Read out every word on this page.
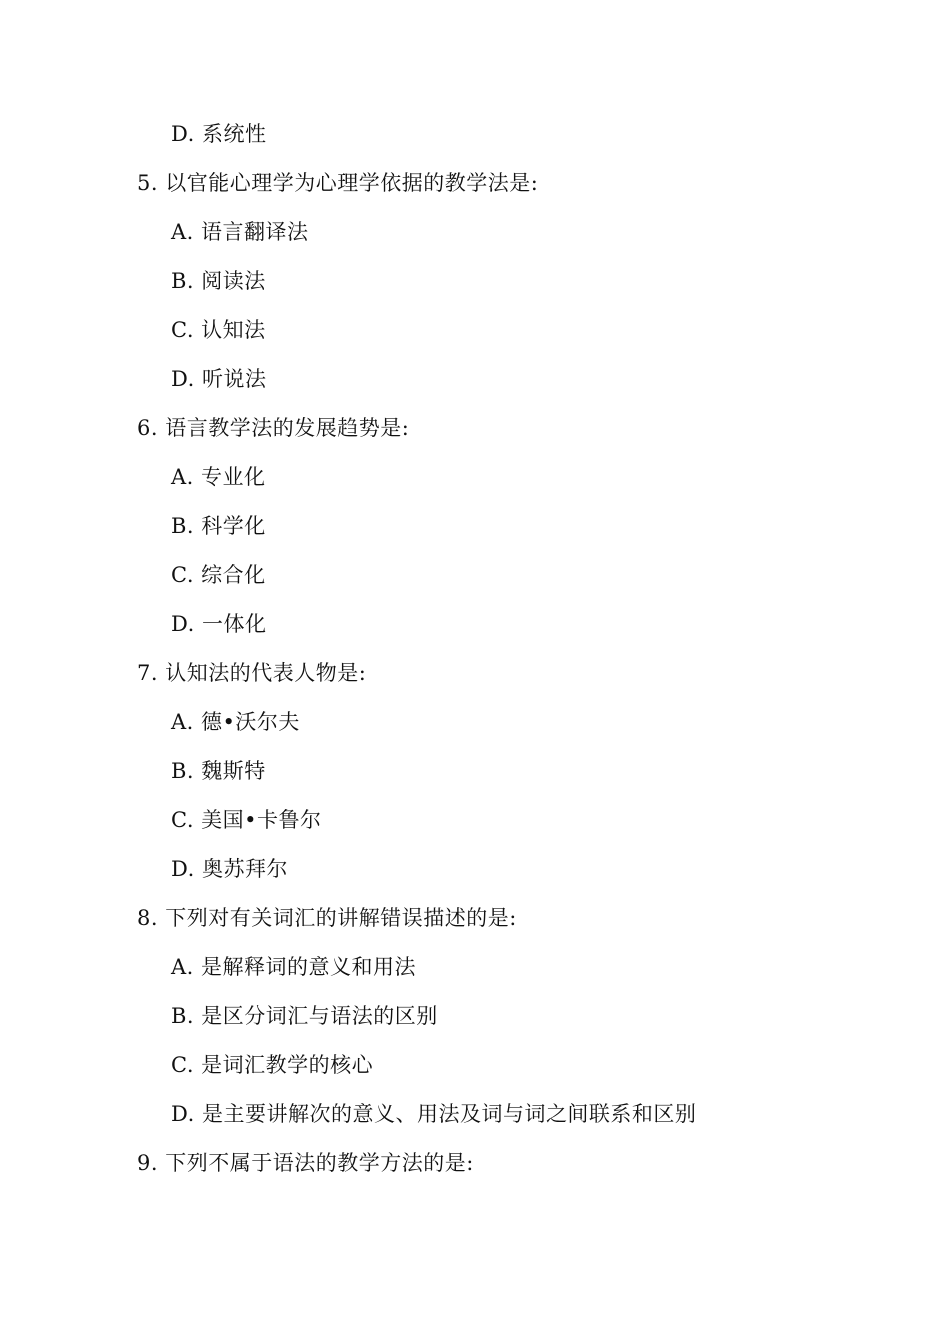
D. 系统性
5. 以官能心理学为心理学依据的教学法是:
A. 语言翻译法
B. 阅读法
C. 认知法
D. 听说法
6. 语言教学法的发展趋势是:
A. 专业化
B. 科学化
C. 综合化
D. 一体化
7. 认知法的代表人物是:
A. 德•沃尔夫
B. 魏斯特
C. 美国•卡鲁尔
D. 奥苏拜尔
8. 下列对有关词汇的讲解错误描述的是:
A. 是解释词的意义和用法
B. 是区分词汇与语法的区别
C. 是词汇教学的核心
D. 是主要讲解次的意义、用法及词与词之间联系和区别
9. 下列不属于语法的教学方法的是:
